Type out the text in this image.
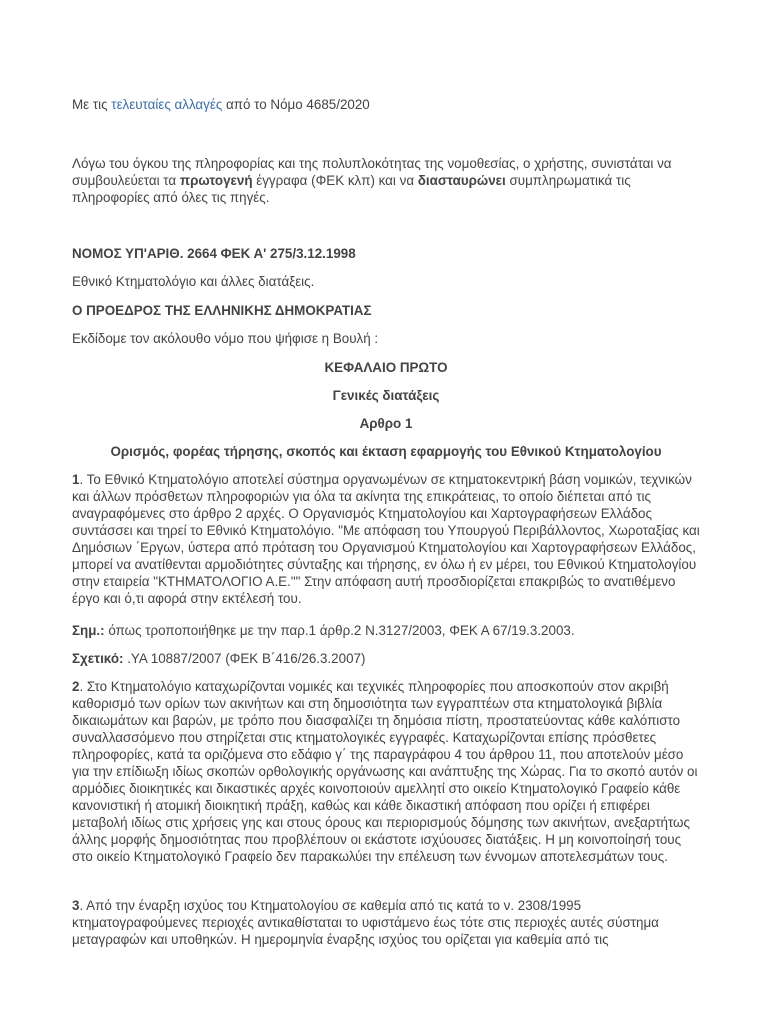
Με τις τελευταίες αλλαγές από το Νόμο 4685/2020

Λόγω του όγκου της πληροφορίας και της πολυπλοκότητας της νομοθεσίας, ο χρήστης, συνιστάται να συμβουλεύεται τα πρωτογενή έγγραφα (ΦΕΚ κλπ) και να διασταυρώνει συμπληρωματικά τις πληροφορίες από όλες τις πηγές.

ΝΟΜΟΣ ΥΠ'ΑΡΙΘ. 2664 ΦΕΚ Α' 275/3.12.1998

Εθνικό Κτηματολόγιο και άλλες διατάξεις.

Ο ΠΡΟΕΔΡΟΣ ΤΗΣ ΕΛΛΗΝΙΚΗΣ ΔΗΜΟΚΡΑΤΙΑΣ

Εκδίδομε τον ακόλουθο νόμο που ψήφισε η Βουλή :

ΚΕΦΑΛΑΙΟ ΠΡΩΤΟ

Γενικές διατάξεις

Αρθρο 1

Ορισμός, φορέας τήρησης, σκοπός και έκταση εφαρμογής του Εθνικού Κτηματολογίου

1. Το Εθνικό Κτηματολόγιο αποτελεί σύστημα οργανωμένων σε κτηματοκεντρική βάση νομικών, τεχνικών και άλλων πρόσθετων πληροφοριών για όλα τα ακίνητα της επικράτειας, το οποίο διέπεται από τις αναγραφόμενες στο άρθρο 2 αρχές. Ο Οργανισμός Κτηματολογίου και Χαρτογραφήσεων Ελλάδος συντάσσει και τηρεί το Εθνικό Κτηματολόγιο. "Με απόφαση του Υπουργού Περιβάλλοντος, Χωροταξίας και Δημόσιων ΄Εργων, ύστερα από πρόταση του Οργανισμού Κτηματολογίου και Χαρτογραφήσεων Ελλάδος, μπορεί να ανατίθενται αρμοδιότητες σύνταξης και τήρησης, εν όλω ή εν μέρει, του Εθνικού Κτηματολογίου στην εταιρεία "ΚΤΗΜΑΤΟΛΟΓΙΟ Α.Ε."" Στην απόφαση αυτή προσδιορίζεται επακριβώς το ανατιθέμενο έργο και ό,τι αφορά στην εκτέλεσή του.

Σημ.: όπως τροποποιήθηκε με την παρ.1 άρθρ.2 Ν.3127/2003, ΦΕΚ Α 67/19.3.2003.

Σχετικό: .ΥΑ 10887/2007 (ΦΕΚ Β΄416/26.3.2007)

2. Στο Κτηματολόγιο καταχωρίζονται νομικές και τεχνικές πληροφορίες που αποσκοπούν στον ακριβή καθορισμό των ορίων των ακινήτων και στη δημοσιότητα των εγγραπτέων στα κτηματολογικά βιβλία δικαιωμάτων και βαρών, με τρόπο που διασφαλίζει τη δημόσια πίστη, προστατεύοντας κάθε καλόπιστο συναλλασσόμενο που στηρίζεται στις κτηματολογικές εγγραφές. Καταχωρίζονται επίσης πρόσθετες πληροφορίες, κατά τα οριζόμενα στο εδάφιο γ΄ της παραγράφου 4 του άρθρου 11, που αποτελούν μέσο για την επίδιωξη ιδίως σκοπών ορθολογικής οργάνωσης και ανάπτυξης της Χώρας. Για το σκοπό αυτόν οι αρμόδιες διοικητικές και δικαστικές αρχές κοινοποιούν αμελλητί στο οικείο Κτηματολογικό Γραφείο κάθε κανονιστική ή ατομική διοικητική πράξη, καθώς και κάθε δικαστική απόφαση που ορίζει ή επιφέρει μεταβολή ιδίως στις χρήσεις γης και στους όρους και περιορισμούς δόμησης των ακινήτων, ανεξαρτήτως άλλης μορφής δημοσιότητας που προβλέπουν οι εκάστοτε ισχύουσες διατάξεις. Η μη κοινοποίησή τους στο οικείο Κτηματολογικό Γραφείο δεν παρακωλύει την επέλευση των έννομων αποτελεσμάτων τους.

3. Από την έναρξη ισχύος του Κτηματολογίου σε καθεμία από τις κατά το ν. 2308/1995 κτηματογραφούμενες περιοχές αντικαθίσταται το υφιστάμενο έως τότε στις περιοχές αυτές σύστημα μεταγραφών και υποθηκών. Η ημερομηνία έναρξης ισχύος του ορίζεται για καθεμία από τις
